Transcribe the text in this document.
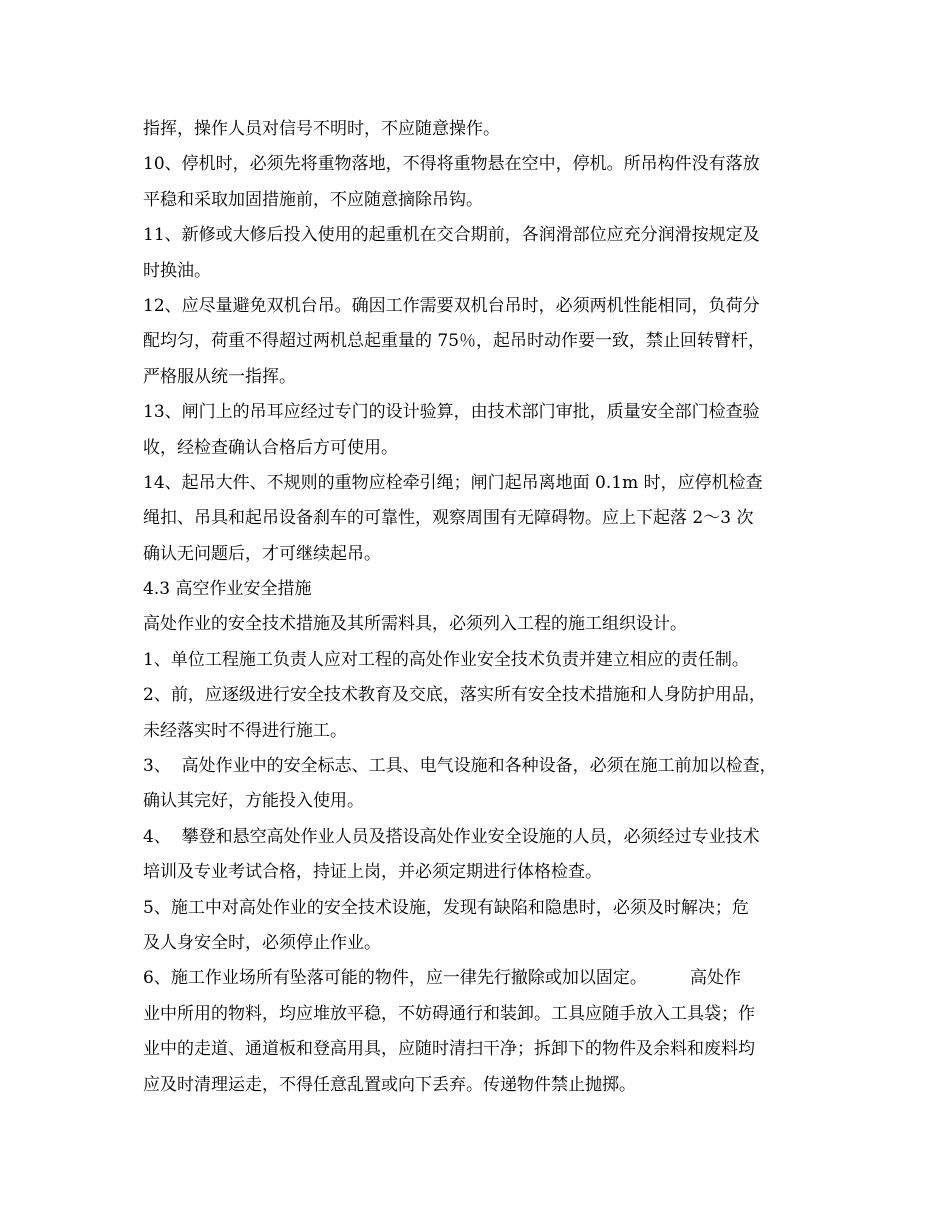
指挥，操作人员对信号不明时，不应随意操作。
10、停机时，必须先将重物落地，不得将重物悬在空中，停机。所吊构件没有落放
平稳和采取加固措施前，不应随意摘除吊钩。
11、新修或大修后投入使用的起重机在交合期前，各润滑部位应充分润滑按规定及
时换油。
12、应尽量避免双机台吊。确因工作需要双机台吊时，必须两机性能相同，负荷分
配均匀，荷重不得超过两机总起重量的 75％，起吊时动作要一致，禁止回转臂杆，
严格服从统一指挥。
13、闸门上的吊耳应经过专门的设计验算，由技术部门审批，质量安全部门检查验
收，经检查确认合格后方可使用。
14、起吊大件、不规则的重物应栓牵引绳；闸门起吊离地面 0.1m 时，应停机检查
绳扣、吊具和起吊设备刹车的可靠性，观察周围有无障碍物。应上下起落 2～3 次
确认无问题后，才可继续起吊。
4.3 高空作业安全措施
高处作业的安全技术措施及其所需料具，必须列入工程的施工组织设计。
1、单位工程施工负责人应对工程的高处作业安全技术负责并建立相应的责任制。
2、前，应逐级进行安全技术教育及交底，落实所有安全技术措施和人身防护用品，
未经落实时不得进行施工。
3、  高处作业中的安全标志、工具、电气设施和各种设备，必须在施工前加以检查，
确认其完好，方能投入使用。
4、  攀登和悬空高处作业人员及搭设高处作业安全设施的人员，必须经过专业技术
培训及专业考试合格，持证上岗，并必须定期进行体格检查。
5、施工中对高处作业的安全技术设施，发现有缺陷和隐患时，必须及时解决；危
及人身安全时，必须停止作业。
6、施工作业场所有坠落可能的物件，应一律先行撤除或加以固定。        高处作
业中所用的物料，均应堆放平稳，不妨碍通行和装卸。工具应随手放入工具袋；作
业中的走道、通道板和登高用具，应随时清扫干净；拆卸下的物件及余料和废料均
应及时清理运走，不得任意乱置或向下丢弃。传递物件禁止抛掷。
